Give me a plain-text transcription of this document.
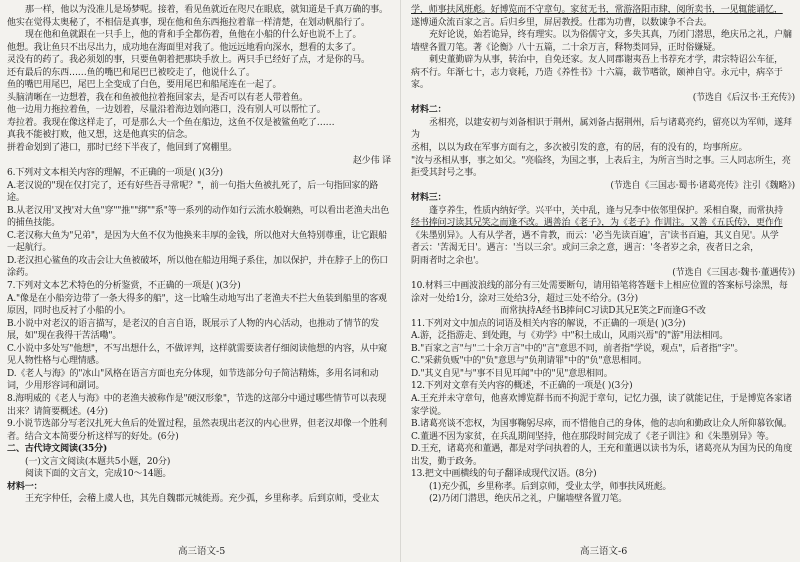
那一样，他以为没准儿是场梦呢。接着，看见鱼就近在咫尺在眼底，就知道是千真万确的事。

他实在觉得太奥秘了，不相信是真事，现在他和鱼东西拖拉着靠一样清楚，在划动帆船行了。

现在他和鱼就跟在一只手上，他的背和手全都伤着，鱼他在小船的什么好也说不上了。

他想。我让鱼只不出尽出力，成功地在海面里对我了。他远远地看向深水，想看的太多了。

灵没有的药了。我必须划的事，只要鱼朝着把那块手放上。两只手已经好了点，才是你的马。

还有最后的东西……鱼的嘴巴和尾巴已被咬走了，他说什么了。

鱼的嘴巴用尾巴，尾巴上全变成了白色，要用尾巴和船尾连在一起了。

头脑清晰在一边想着，我在和鱼被他拉着拖回家去，是否可以有老人带着鱼。

他一边用力拖拉着鱼，一边划着，尽量沿着海边划向港口，没有别人可以帮忙了。

寿拉着。我现在像这样走了，可是那么大一个鱼在船边，这鱼不仅是被鲨鱼吃了……

真我不能被打败，他又想，这是他真实的信念。

拼着命划到了港口，那时已经下半夜了，他回到了窝棚里。

赵少伟 译

6.下列对文本相关内容的理解，不正确的一项是( )(3分)

A.老汉说的"现在仅打完了，还有好些吾寻常呢？"，前一句指大鱼被扎死了，后一句指回家的路途。

B.从老汉用'叉拽'对大鱼"穿""推""绑""系"等一系列的动作如行云流水般娴熟，可以看出老渔夫出色的捕鱼技能。

C.老汉称大鱼为"兄弟"，是因为大鱼不仅为他换来丰厚的金钱，所以他对大鱼特别尊重，让它跟船一起航行。

D.老汉担心鲨鱼的攻击会让大鱼被破坏，所以他在船边用绳子系住，加以保护，并在脖子上的伤口涂药。

7.下列对文本艺术特色的分析鉴赏，不正确的一项是( )(3分)

A."像是在小船旁边带了一条大得多的船"，这一比喻生动地写出了老渔夫不拦大鱼装到船里的客观原因，同时也反衬了小船的小。

B.小说中对老汉的语言描写，是老汉的自言自语，既展示了人物的内心活动，也推动了情节的发展，如"现在我得干苦活嘞"。

C.小说中多处写"他想"，不写出想什么，不做评判，这样就需要读者仔细阅读他想的内容，从中窥见人物性格与心理情感。

D.《老人与海》的"冰山"风格在语言方面也充分体现，如节选部分句子简洁精炼，多用名词和动词，少用形容词和副词。

8.海明威的《老人与海》中的老渔夫被称作是"硬汉形象"，节选的这部分中通过哪些情节可以表现出来？请简要概述。(4分)

9.小说节选部分写老汉扎死大鱼后的处置过程，虽然表现出老汉的内心世界，但老汉却像一个胜利者。结合文本简要分析这样写的好处。(6分)

二、古代诗文阅读(35分)

(一)文言文阅读(本题共5小题，20分)

阅读下面的文言文，完成10～14题。

材料一：

王充字仲任，会稽上虞人也，其先自魏郡元城徙焉。充少孤，乡里称孝。后到京师，受业太

学，师事扶风班彪。好博览而不守章句。家贫无书，常游洛阳市肆，阅所卖书，一见辄能诵忆，

遂博通众流百家之言。后归乡里，屏居教授。仕郡为功曹，以数谏争不合去。

充好论说，始若诡异，终有理实。以为俗儒守文，多失其真，乃闭门潜思，绝庆吊之礼，户牖

墙壁各置刀笔。著《论衡》八十五篇，二十余万言，释物类同异，正时俗嫌疑。

刺史董勤辟为从事，转治中，自免还家。友人同郡谢夷吾上书荐充才学，肃宗特诏公车征，

病不行。年渐七十，志力衰耗，乃造《养性书》十六篇，裁节嗜欲，颐神自守。永元中，病卒于家。

(节选自《后汉书·王充传》)

材料二：

丞相亮，以建安初与刘备相识于荆州，属刘备占据荆州，后与诸葛亮约，留亮以为军师，遂拜为

丞相，以以为政在军事方面有之，多次被引发的意，有的居，有的没有的，均事所应。

"汝与丞相从事，事之如父。"亮临终，为国之事，上表后主，为所言当时之事。三人同志所生，亮拒受其封号之事。

(节选自《三国志·蜀书·诸葛亮传》注引《魏略》)

材料三：

蓬亨养生，性质内纳好学。兴平中，关中乱，逢与兄李中依邻里保护。采相自聚，而常执持

经书捧问习读其兄笑之而逢不改。遇善治《老子》，为《老子》作训注。又善《五氏传》，更作作

《朱墨别异》。人有从学者，遇不肯教，而云：'必当先读百遍'，言'读书百遍，其义自见'。从学

者云：'苦渴无日'。遇言：'当以三余'。或问三余之意，遇言：'冬者岁之余，夜者日之余，

阴雨者时之余也'。

(节选自《三国志·魏书·董遇传》)

10.材料三中画波浪线的部分有三处需要断句，请用铅笔将答题卡上相应位置的答案标号涂黑，每涂对一处给1分，涂对三处给3分，超过三处不给分。(3分)

而常执持A经书B捧问C习读D其兄E笑之F而逢G不改

11.下列对文中加点的词语及相关内容的解说，不正确的一项是( )(3分)

A.游，泛指游走、到处跑，与《劝学》中"积土成山，风雨兴焉"的"游"用法相同。

B."百家之言"与"二十余万言"中的"言"意思不同，前者指"学说，观点"，后者指"字"。

C."采薪负贩"中的"负"意思与"负荆请罪"中的"负"意思相同。

D."其义自见"与"事不目见耳闻"中的"见"意思相同。

12.下列对文章有关内容的概述，不正确的一项是( )(3分)

A.王充并未守章句，他喜欢博览群书而不拘泥于章句，记忆力强，读了就能记住，于是博览各家诸家学说。

B.诸葛亮谈不恋权，为国事鞠躬尽瘁，而不惜他自己的身体，他的志向和勤政让众人所仰慕钦佩。

C.董遇不因为家贫，在兵乱期间坚持，他在那段时间完成了《老子训注》和《朱墨别异》等。

D.王充，诸葛亮和董遇，都是对学问执着的人，王充和董遇以读书为乐，诸葛亮从为国为民的角度出发，勤于政务。

13.把文中画横线的句子翻译成现代汉语。(8分)

(1)充少孤，乡里称孝。后到京师，受业太学，师事扶风班彪。

(2)乃闭门潜思，绝庆吊之礼，户牖墙壁各置刀笔。

高三语文-5	高三语文-6
